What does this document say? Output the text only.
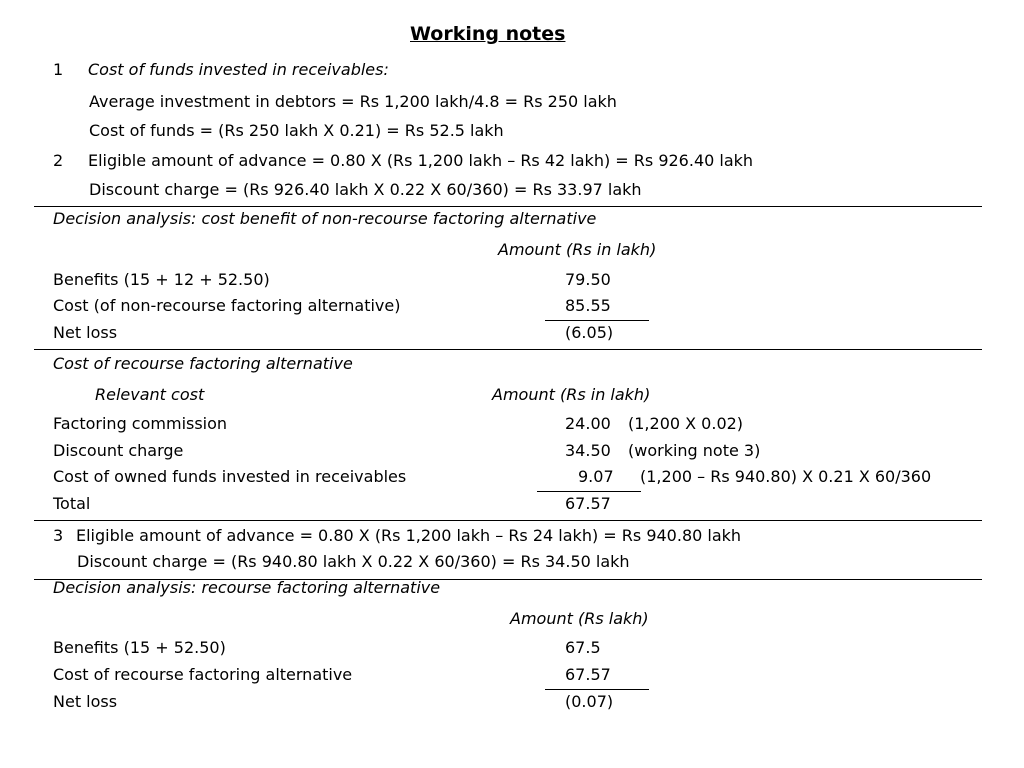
Working notes
1 Cost of funds invested in receivables:
Average investment in debtors = Rs 1,200 lakh/4.8 = Rs 250 lakh
Cost of funds = (Rs 250 lakh X 0.21) = Rs 52.5 lakh
2 Eligible amount of advance = 0.80 X (Rs 1,200 lakh – Rs 42 lakh) = Rs 926.40 lakh
Discount charge = (Rs 926.40 lakh X 0.22 X 60/360) = Rs 33.97 lakh
Decision analysis: cost benefit of non-recourse factoring alternative
Amount (Rs in lakh)
Benefits (15 + 12 + 52.50)	79.50
Cost (of non-recourse factoring alternative)	85.55
Net loss	(6.05)
Cost of recourse factoring alternative
Relevant cost	Amount (Rs in lakh)
Factoring commission	24.00 (1,200 X 0.02)
Discount charge	34.50 (working note 3)
Cost of owned funds invested in receivables	9.07 (1,200 – Rs 940.80) X 0.21 X 60/360
Total	67.57
3 Eligible amount of advance = 0.80 X (Rs 1,200 lakh – Rs 24 lakh) = Rs 940.80 lakh
Discount charge = (Rs 940.80 lakh X 0.22 X 60/360) = Rs 34.50 lakh
Decision analysis: recourse factoring alternative
Amount (Rs lakh)
Benefits (15 + 52.50)	67.5
Cost of recourse factoring alternative	67.57
Net loss	(0.07)
